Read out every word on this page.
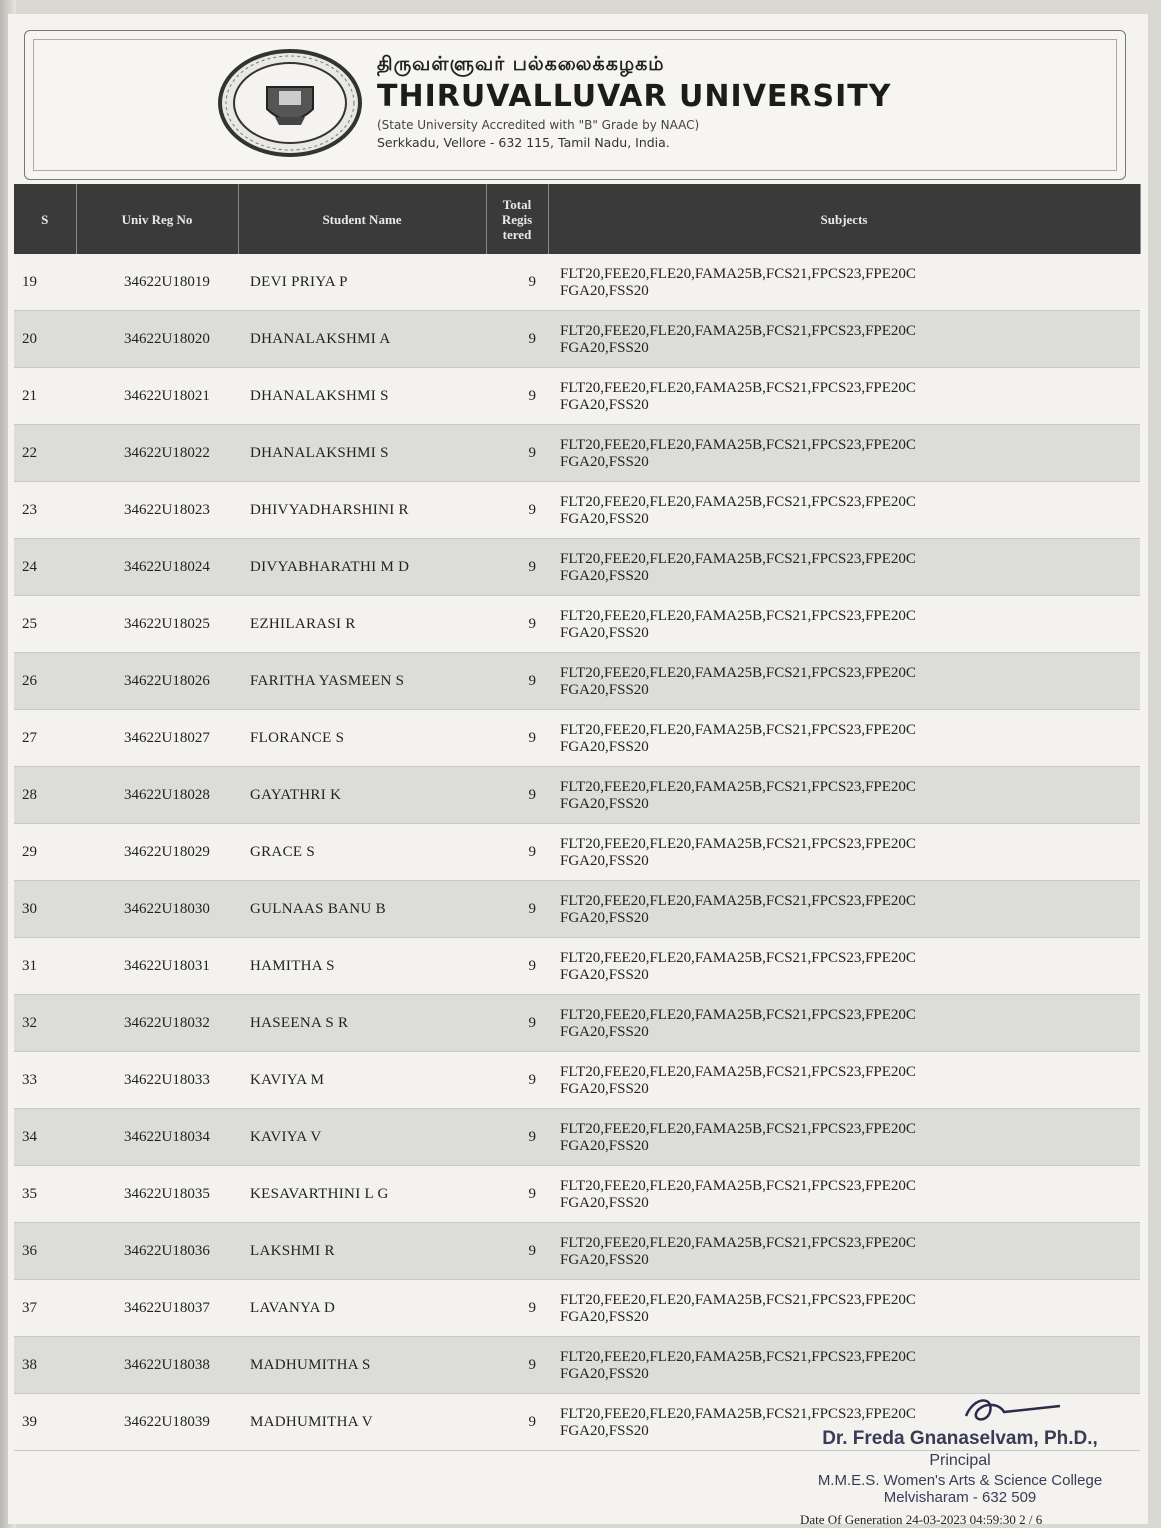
திருவள்ளுவர் பல்கலைக்கழகம்
THIRUVALLUVAR UNIVERSITY
(State University Accredited with "B" Grade by NAAC)
Serkkadu, Vellore - 632 115, Tamil Nadu, India.
S	Univ Reg No	Student Name	Total
Regis
tered	Subjects
19	34622U18019	DEVI PRIYA P	9	FLT20,FEE20,FLE20,FAMA25B,FCS21,FPCS23,FPE20C
FGA20,FSS20

20	34622U18020	DHANALAKSHMI A	9	FLT20,FEE20,FLE20,FAMA25B,FCS21,FPCS23,FPE20C
FGA20,FSS20

21	34622U18021	DHANALAKSHMI S	9	FLT20,FEE20,FLE20,FAMA25B,FCS21,FPCS23,FPE20C
FGA20,FSS20

22	34622U18022	DHANALAKSHMI S	9	FLT20,FEE20,FLE20,FAMA25B,FCS21,FPCS23,FPE20C
FGA20,FSS20

23	34622U18023	DHIVYADHARSHINI R	9	FLT20,FEE20,FLE20,FAMA25B,FCS21,FPCS23,FPE20C
FGA20,FSS20

24	34622U18024	DIVYABHARATHI M D	9	FLT20,FEE20,FLE20,FAMA25B,FCS21,FPCS23,FPE20C
FGA20,FSS20

25	34622U18025	EZHILARASI R	9	FLT20,FEE20,FLE20,FAMA25B,FCS21,FPCS23,FPE20C
FGA20,FSS20

26	34622U18026	FARITHA YASMEEN S	9	FLT20,FEE20,FLE20,FAMA25B,FCS21,FPCS23,FPE20C
FGA20,FSS20

27	34622U18027	FLORANCE S	9	FLT20,FEE20,FLE20,FAMA25B,FCS21,FPCS23,FPE20C
FGA20,FSS20

28	34622U18028	GAYATHRI K	9	FLT20,FEE20,FLE20,FAMA25B,FCS21,FPCS23,FPE20C
FGA20,FSS20

29	34622U18029	GRACE S	9	FLT20,FEE20,FLE20,FAMA25B,FCS21,FPCS23,FPE20C
FGA20,FSS20

30	34622U18030	GULNAAS BANU B	9	FLT20,FEE20,FLE20,FAMA25B,FCS21,FPCS23,FPE20C
FGA20,FSS20

31	34622U18031	HAMITHA S	9	FLT20,FEE20,FLE20,FAMA25B,FCS21,FPCS23,FPE20C
FGA20,FSS20

32	34622U18032	HASEENA S R	9	FLT20,FEE20,FLE20,FAMA25B,FCS21,FPCS23,FPE20C
FGA20,FSS20

33	34622U18033	KAVIYA M	9	FLT20,FEE20,FLE20,FAMA25B,FCS21,FPCS23,FPE20C
FGA20,FSS20

34	34622U18034	KAVIYA V	9	FLT20,FEE20,FLE20,FAMA25B,FCS21,FPCS23,FPE20C
FGA20,FSS20

35	34622U18035	KESAVARTHINI L G	9	FLT20,FEE20,FLE20,FAMA25B,FCS21,FPCS23,FPE20C
FGA20,FSS20

36	34622U18036	LAKSHMI R	9	FLT20,FEE20,FLE20,FAMA25B,FCS21,FPCS23,FPE20C
FGA20,FSS20

37	34622U18037	LAVANYA D	9	FLT20,FEE20,FLE20,FAMA25B,FCS21,FPCS23,FPE20C
FGA20,FSS20

38	34622U18038	MADHUMITHA S	9	FLT20,FEE20,FLE20,FAMA25B,FCS21,FPCS23,FPE20C
FGA20,FSS20

39	34622U18039	MADHUMITHA V	9	FLT20,FEE20,FLE20,FAMA25B,FCS21,FPCS23,FPE20C
FGA20,FSS20	Dr. Freda Gnanaselvam, Ph.D.,
Principal
M.M.E.S. Women's Arts & Science College
Melvisharam - 632 509
Date Of Generation 24-03-2023 04:59:30 2 / 6
